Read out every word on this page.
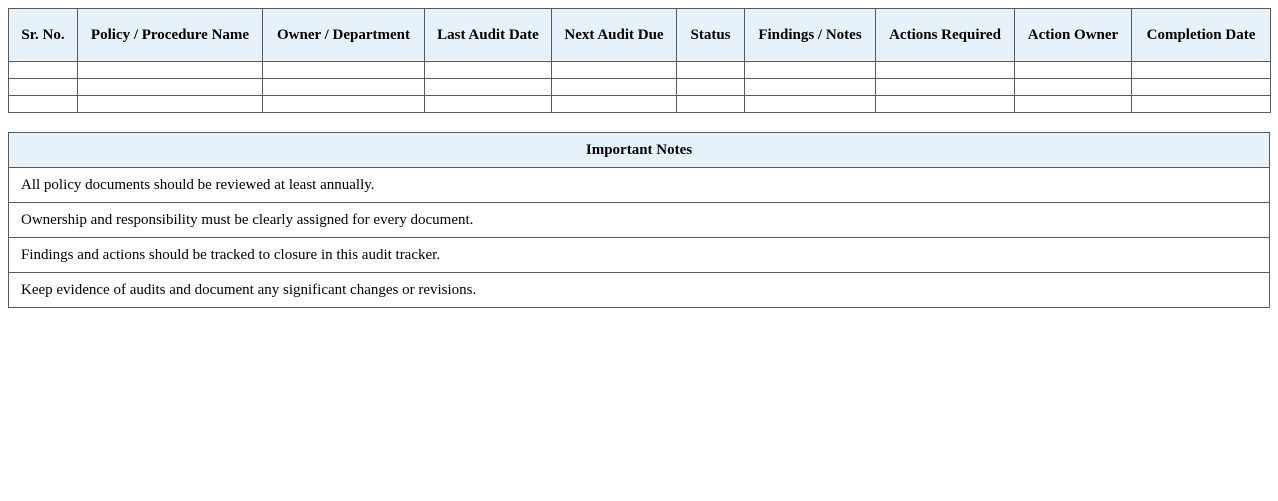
Sr. No.	Policy / Procedure Name	Owner / Department	Last Audit Date	Next Audit Due	Status	Findings / Notes	Actions Required	Action Owner	Completion Date

Important Notes
All policy documents should be reviewed at least annually.
Ownership and responsibility must be clearly assigned for every document.
Findings and actions should be tracked to closure in this audit tracker.
Keep evidence of audits and document any significant changes or revisions.
